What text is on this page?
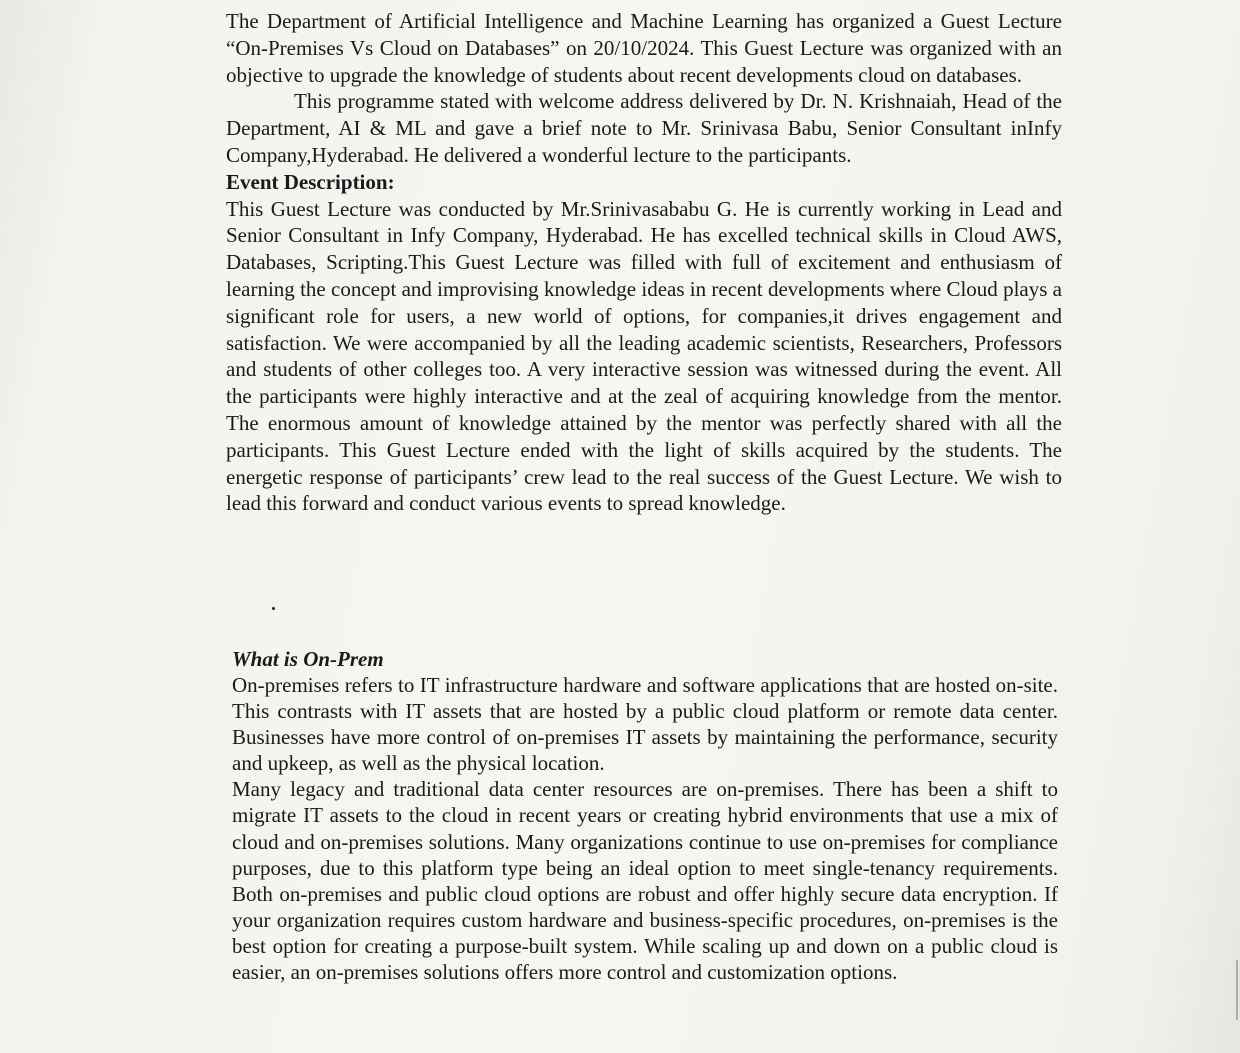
The Department of Artificial Intelligence and Machine Learning has organized a Guest Lecture “On-Premises Vs Cloud on Databases” on 20/10/2024. This Guest Lecture was organized with an objective to upgrade the knowledge of students about recent developments cloud on databases.

This programme stated with welcome address delivered by Dr. N. Krishnaiah, Head of the Department, AI & ML and gave a brief note to Mr. Srinivasa Babu, Senior Consultant inInfy Company,Hyderabad. He delivered a wonderful lecture to the participants.

Event Description:

This Guest Lecture was conducted by Mr.Srinivasababu G. He is currently working in Lead and Senior Consultant in Infy Company, Hyderabad. He has excelled technical skills in Cloud AWS, Databases, Scripting.This Guest Lecture was filled with full of excitement and enthusiasm of learning the concept and improvising knowledge ideas in recent developments where Cloud plays a significant role for users, a new world of options, for companies,it drives engagement and satisfaction. We were accompanied by all the leading academic scientists, Researchers, Professors and students of other colleges too. A very interactive session was witnessed during the event. All the participants were highly interactive and at the zeal of acquiring knowledge from the mentor. The enormous amount of knowledge attained by the mentor was perfectly shared with all the participants. This Guest Lecture ended with the light of skills acquired by the students. The energetic response of participants’ crew lead to the real success of the Guest Lecture. We wish to lead this forward and conduct various events to spread knowledge.

What is On-Prem

On-premises refers to IT infrastructure hardware and software applications that are hosted on-site. This contrasts with IT assets that are hosted by a public cloud platform or remote data center. Businesses have more control of on-premises IT assets by maintaining the performance, security and upkeep, as well as the physical location.

Many legacy and traditional data center resources are on-premises. There has been a shift to migrate IT assets to the cloud in recent years or creating hybrid environments that use a mix of cloud and on-premises solutions. Many organizations continue to use on-premises for compliance purposes, due to this platform type being an ideal option to meet single-tenancy requirements. Both on-premises and public cloud options are robust and offer highly secure data encryption. If your organization requires custom hardware and business-specific procedures, on-premises is the best option for creating a purpose-built system. While scaling up and down on a public cloud is easier, an on-premises solutions offers more control and customization options.
